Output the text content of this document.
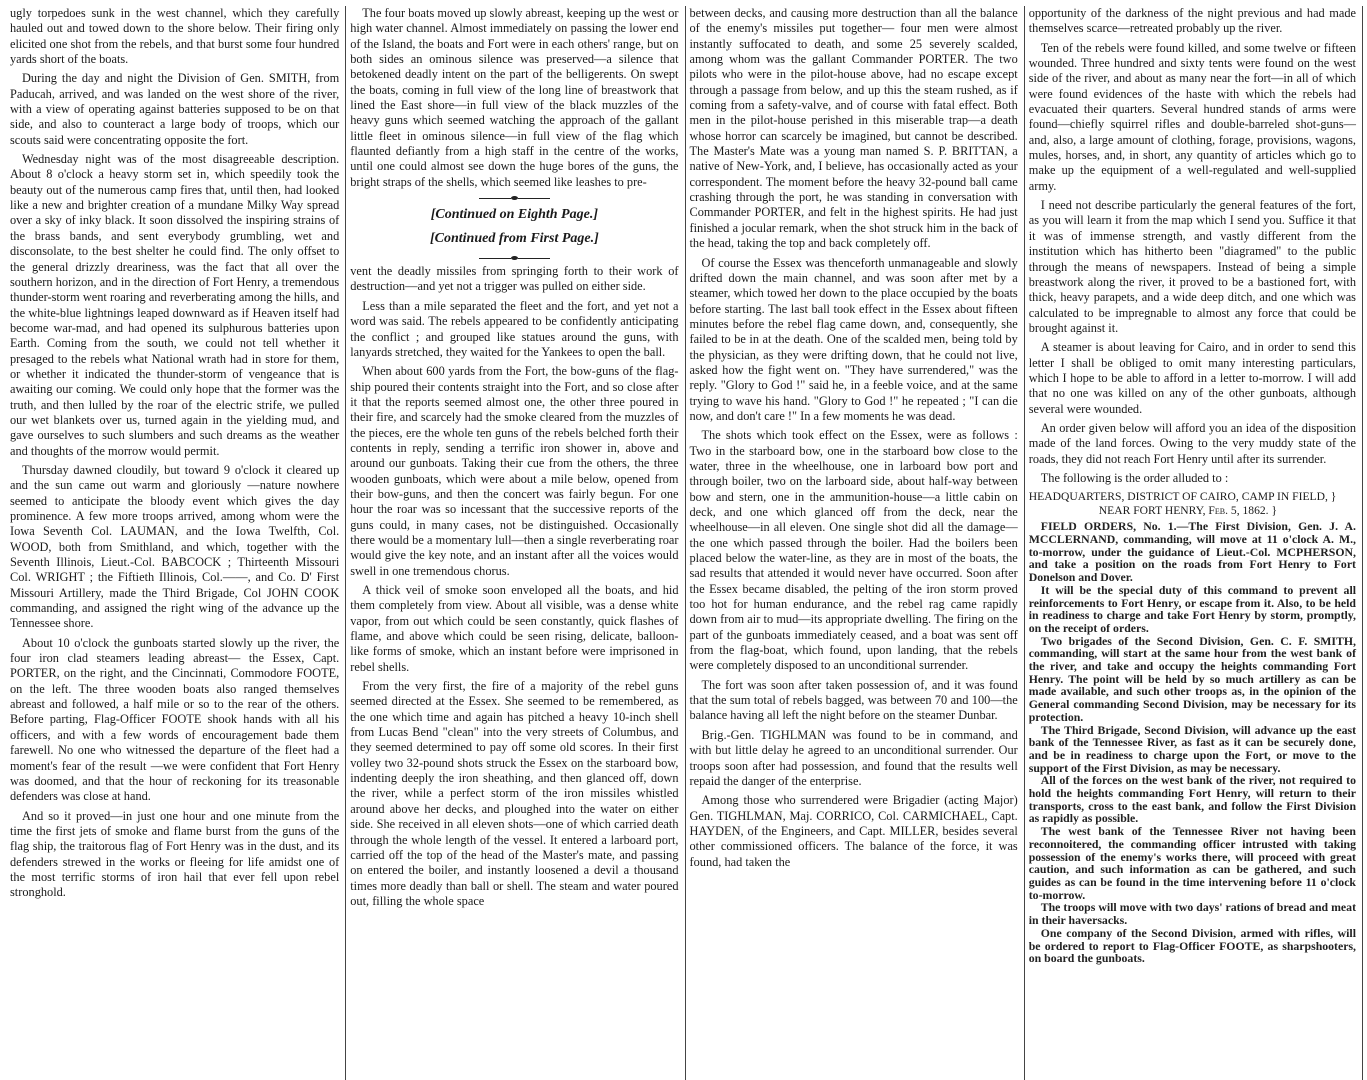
ugly torpedoes sunk in the west channel, which they carefully hauled out and towed down to the shore below. Their firing only elicited one shot from the rebels, and that burst some four hundred yards short of the boats.

During the day and night the Division of Gen. SMITH, from Paducah, arrived, and was landed on the west shore of the river, with a view of operating against batteries supposed to be on that side, and also to counteract a large body of troops, which our scouts said were concentrating opposite the fort.

Wednesday night was of the most disagreeable description. About 8 o'clock a heavy storm set in, which speedily took the beauty out of the numerous camp fires that, until then, had looked like a new and brighter creation of a mundane Milky Way spread over a sky of inky black. It soon dissolved the inspiring strains of the brass bands, and sent everybody grumbling, wet and disconsolate, to the best shelter he could find. The only offset to the general drizzly dreariness, was the fact that all over the southern horizon, and in the direction of Fort Henry, a tremendous thunder-storm went roaring and reverberating among the hills, and the white-blue lightnings leaped downward as if Heaven itself had become war-mad, and had opened its sulphurous batteries upon Earth. Coming from the south, we could not tell whether it presaged to the rebels what National wrath had in store for them, or whether it indicated the thunder-storm of vengeance that is awaiting our coming. We could only hope that the former was the truth, and then lulled by the roar of the electric strife, we pulled our wet blankets over us, turned again in the yielding mud, and gave ourselves to such slumbers and such dreams as the weather and thoughts of the morrow would permit.

Thursday dawned cloudily, but toward 9 o'clock it cleared up and the sun came out warm and gloriously —nature nowhere seemed to anticipate the bloody event which gives the day prominence. A few more troops arrived, among whom were the Iowa Seventh Col. LAUMAN, and the Iowa Twelfth, Col. WOOD, both from Smithland, and which, together with the Seventh Illinois, Lieut.-Col. BABCOCK ; Thirteenth Missouri Col. WRIGHT ; the Fiftieth Illinois, Col.——, and Co. D' First Missouri Artillery, made the Third Brigade, Col JOHN COOK commanding, and assigned the right wing of the advance up the Tennessee shore.

About 10 o'clock the gunboats started slowly up the river, the four iron clad steamers leading abreast— the Essex, Capt. PORTER, on the right, and the Cincinnati, Commodore FOOTE, on the left. The three wooden boats also ranged themselves abreast and followed, a half mile or so to the rear of the others. Before parting, Flag-Officer FOOTE shook hands with all his officers, and with a few words of encouragement bade them farewell. No one who witnessed the departure of the fleet had a moment's fear of the result —we were confident that Fort Henry was doomed, and that the hour of reckoning for its treasonable defenders was close at hand.

And so it proved—in just one hour and one minute from the time the first jets of smoke and flame burst from the guns of the flag ship, the traitorous flag of Fort Henry was in the dust, and its defenders strewed in the works or fleeing for life amidst one of the most terrific storms of iron hail that ever fell upon rebel stronghold.

The four boats moved up slowly abreast, keeping up the west or high water channel. Almost immediately on passing the lower end of the Island, the boats and Fort were in each others' range, but on both sides an ominous silence was preserved—a silence that betokened deadly intent on the part of the belligerents. On swept the boats, coming in full view of the long line of breastwork that lined the East shore—in full view of the black muzzles of the heavy guns which seemed watching the approach of the gallant little fleet in ominous silence—in full view of the flag which flaunted defiantly from a high staff in the centre of the works, until one could almost see down the huge bores of the guns, the bright straps of the shells, which seemed like leashes to pre-

[Continued on Eighth Page.]
[Continued from First Page.]

vent the deadly missiles from springing forth to their work of destruction—and yet not a trigger was pulled on either side.

Less than a mile separated the fleet and the fort, and yet not a word was said. The rebels appeared to be confidently anticipating the conflict ; and grouped like statues around the guns, with lanyards stretched, they waited for the Yankees to open the ball.

When about 600 yards from the Fort, the bow-guns of the flag-ship poured their contents straight into the Fort, and so close after it that the reports seemed almost one, the other three poured in their fire, and scarcely had the smoke cleared from the muzzles of the pieces, ere the whole ten guns of the rebels belched forth their contents in reply, sending a terrific iron shower in, above and around our gunboats. Taking their cue from the others, the three wooden gunboats, which were about a mile below, opened from their bow-guns, and then the concert was fairly begun. For one hour the roar was so incessant that the successive reports of the guns could, in many cases, not be distinguished. Occasionally there would be a momentary lull—then a single reverberating roar would give the key note, and an instant after all the voices would swell in one tremendous chorus.

A thick veil of smoke soon enveloped all the boats, and hid them completely from view. About all visible, was a dense white vapor, from out which could be seen constantly, quick flashes of flame, and above which could be seen rising, delicate, balloon-like forms of smoke, which an instant before were imprisoned in rebel shells.

From the very first, the fire of a majority of the rebel guns seemed directed at the Essex. She seemed to be remembered, as the one which time and again has pitched a heavy 10-inch shell from Lucas Bend "clean" into the very streets of Columbus, and they seemed determined to pay off some old scores. In their first volley two 32-pound shots struck the Essex on the starboard bow, indenting deeply the iron sheathing, and then glanced off, down the river, while a perfect storm of the iron missiles whistled around above her decks, and ploughed into the water on either side. She received in all eleven shots—one of which carried death through the whole length of the vessel. It entered a larboard port, carried off the top of the head of the Master's mate, and passing on entered the boiler, and instantly loosened a devil a thousand times more deadly than ball or shell. The steam and water poured out, filling the whole space

between decks, and causing more destruction than all the balance of the enemy's missiles put together— four men were almost instantly suffocated to death, and some 25 severely scalded, among whom was the gallant Commander PORTER. The two pilots who were in the pilot-house above, had no escape except through a passage from below, and up this the steam rushed, as if coming from a safety-valve, and of course with fatal effect. Both men in the pilot-house perished in this miserable trap—a death whose horror can scarcely be imagined, but cannot be described. The Master's Mate was a young man named S. P. BRITTAN, a native of New-York, and, I believe, has occasionally acted as your correspondent. The moment before the heavy 32-pound ball came crashing through the port, he was standing in conversation with Commander PORTER, and felt in the highest spirits. He had just finished a jocular remark, when the shot struck him in the back of the head, taking the top and back completely off.

Of course the Essex was thenceforth unmanageable and slowly drifted down the main channel, and was soon after met by a steamer, which towed her down to the place occupied by the boats before starting. The last ball took effect in the Essex about fifteen minutes before the rebel flag came down, and, consequently, she failed to be in at the death. One of the scalded men, being told by the physician, as they were drifting down, that he could not live, asked how the fight went on. "They have surrendered," was the reply. "Glory to God !" said he, in a feeble voice, and at the same trying to wave his hand. "Glory to God !" he repeated ; "I can die now, and don't care !" In a few moments he was dead.

The shots which took effect on the Essex, were as follows : Two in the starboard bow, one in the starboard bow close to the water, three in the wheelhouse, one in larboard bow port and through boiler, two on the larboard side, about half-way between bow and stern, one in the ammunition-house—a little cabin on deck, and one which glanced off from the deck, near the wheelhouse—in all eleven. One single shot did all the damage—the one which passed through the boiler. Had the boilers been placed below the water-line, as they are in most of the boats, the sad results that attended it would never have occurred. Soon after the Essex became disabled, the pelting of the iron storm proved too hot for human endurance, and the rebel rag came rapidly down from air to mud—its appropriate dwelling. The firing on the part of the gunboats immediately ceased, and a boat was sent off from the flag-boat, which found, upon landing, that the rebels were completely disposed to an unconditional surrender.

The fort was soon after taken possession of, and it was found that the sum total of rebels bagged, was between 70 and 100—the balance having all left the night before on the steamer Dunbar.

Brig.-Gen. TIGHLMAN was found to be in command, and with but little delay he agreed to an unconditional surrender. Our troops soon after had possession, and found that the results well repaid the danger of the enterprise.

Among those who surrendered were Brigadier (acting Major) Gen. TIGHLMAN, Maj. CORRICO, Col. CARMICHAEL, Capt. HAYDEN, of the Engineers, and Capt. MILLER, besides several other commissioned officers. The balance of the force, it was found, had taken the

opportunity of the darkness of the night previous and had made themselves scarce—retreated probably up the river.

Ten of the rebels were found killed, and some twelve or fifteen wounded. Three hundred and sixty tents were found on the west side of the river, and about as many near the fort—in all of which were found evidences of the haste with which the rebels had evacuated their quarters. Several hundred stands of arms were found—chiefly squirrel rifles and double-barreled shot-guns—and, also, a large amount of clothing, forage, provisions, wagons, mules, horses, and, in short, any quantity of articles which go to make up the equipment of a well-regulated and well-supplied army.

I need not describe particularly the general features of the fort, as you will learn it from the map which I send you. Suffice it that it was of immense strength, and vastly different from the institution which has hitherto been "diagramed" to the public through the means of newspapers. Instead of being a simple breastwork along the river, it proved to be a bastioned fort, with thick, heavy parapets, and a wide deep ditch, and one which was calculated to be impregnable to almost any force that could be brought against it.

A steamer is about leaving for Cairo, and in order to send this letter I shall be obliged to omit many interesting particulars, which I hope to be able to afford in a letter to-morrow. I will add that no one was killed on any of the other gunboats, although several were wounded.

An order given below will afford you an idea of the disposition made of the land forces. Owing to the very muddy state of the roads, they did not reach Fort Henry until after its surrender.

The following is the order alluded to :

HEADQUARTERS, DISTRICT OF CAIRO, CAMP IN FIELD, }
NEAR FORT HENRY, Feb. 5, 1862. }

FIELD ORDERS, No. 1.—The First Division, Gen. J. A. MCCLERNAND, commanding, will move at 11 o'clock A. M., to-morrow, under the guidance of Lieut.-Col. MCPHERSON, and take a position on the roads from Fort Henry to Fort Donelson and Dover.

It will be the special duty of this command to prevent all reinforcements to Fort Henry, or escape from it. Also, to be held in readiness to charge and take Fort Henry by storm, promptly, on the receipt of orders.

Two brigades of the Second Division, Gen. C. F. SMITH, commanding, will start at the same hour from the west bank of the river, and take and occupy the heights commanding Fort Henry. The point will be held by so much artillery as can be made available, and such other troops as, in the opinion of the General commanding Second Division, may be necessary for its protection.

The Third Brigade, Second Division, will advance up the east bank of the Tennessee River, as fast as it can be securely done, and be in readiness to charge upon the Fort, or move to the support of the First Division, as may be necessary.

All of the forces on the west bank of the river, not required to hold the heights commanding Fort Henry, will return to their transports, cross to the east bank, and follow the First Division as rapidly as possible.

The west bank of the Tennessee River not having been reconnoitered, the commanding officer intrusted with taking possession of the enemy's works there, will proceed with great caution, and such information as can be gathered, and such guides as can be found in the time intervening before 11 o'clock to-morrow.

The troops will move with two days' rations of bread and meat in their haversacks.

One company of the Second Division, armed with rifles, will be ordered to report to Flag-Officer FOOTE, as sharpshooters, on board the gunboats.
